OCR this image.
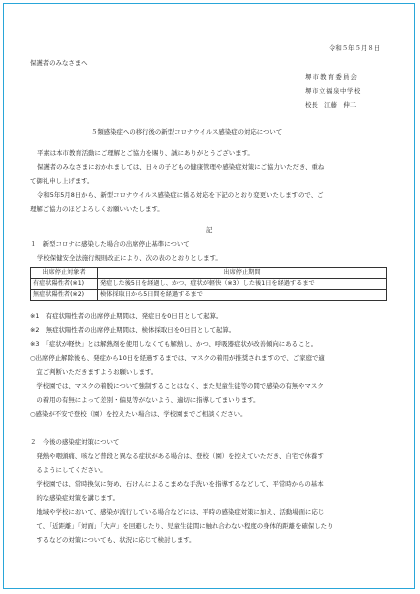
令和５年５月８日
保護者のみなさまへ
堺市教育委員会
堺市立福泉中学校
校長　江藤　伸二
５類感染症への移行後の新型コロナウイルス感染症の対応について
平素は本市教育活動にご理解とご協力を賜り、誠にありがとうございます。
保護者のみなさまにおかれましては、日々の子どもの健康管理や感染症対策にご協力いただき、重ね
て御礼申し上げます。
令和5年5月8日から、新型コロナウイルス感染症に係る対応を下記のとおり変更いたしますので、ご
理解ご協力のほどよろしくお願いいたします。
記
１　新型コロナに感染した場合の出席停止基準について
学校保健安全法施行規則改正により、次の表のとおりとします。
出席停止対象者	出席停止期間
有症状陽性者(※1)	発症した後5日を経過し、かつ、症状が軽快（※3）した後1日を経過するまで
無症状陽性者(※2)	検体採取日から5日間を経過するまで
※1　有症状陽性者の出席停止期間は、発症日を0日目として起算。
※2　無症状陽性者の出席停止期間は、検体採取日を0日目として起算。
※3　「症状が軽快」とは解熱剤を使用しなくても解熱し、かつ、呼吸器症状が改善傾向にあること。
○出席停止解除後も、発症から10日を経過するまでは、マスクの着用が推奨されますので、ご家庭で適
　宜ご判断いただきますようお願いします。
　学校園では、マスクの着脱について強制することはなく、また児童生徒等の間で感染の有無やマスク
　の着用の有無によって差別・偏見等がないよう、適切に指導してまいります。
○感染が不安で登校（園）を控えたい場合は、学校園までご相談ください。
２　今後の感染症対策について
　発熱や咽頭痛、咳など普段と異なる症状がある場合は、登校（園）を控えていただき、自宅で休養す
　るようにしてください。
　学校園では、常時換気に努め、石けんによるこまめな手洗いを指導するなどして、平常時からの基本
　的な感染症対策を講じます。
　地域や学校において、感染が流行している場合などには、平時の感染症対策に加え、活動場面に応じ
　て、「近距離」「対面」「大声」を回避したり、児童生徒間に触れ合わない程度の身体的距離を確保したり
　するなどの対策についても、状況に応じて検討します。
